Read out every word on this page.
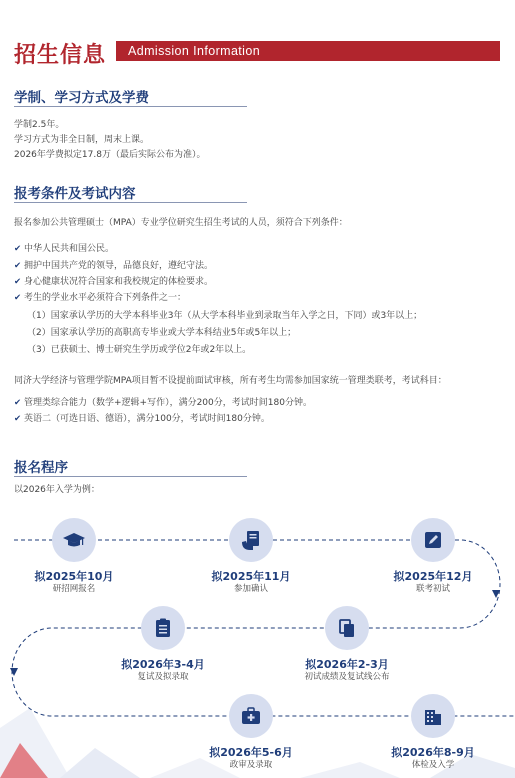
招生信息	Admission Information
学制、学习方式及学费
学制2.5年。
学习方式为非全日制，周末上课。
2026年学费拟定17.8万（最后实际公布为准）。
报考条件及考试内容
报名参加公共管理硕士（MPA）专业学位研究生招生考试的人员，须符合下列条件：
✔ 中华人民共和国公民。
✔ 拥护中国共产党的领导，品德良好，遵纪守法。
✔ 身心健康状况符合国家和我校规定的体检要求。
✔ 考生的学业水平必须符合下列条件之一：
（1）国家承认学历的大学本科毕业3年（从大学本科毕业到录取当年入学之日，下同）或3年以上；
（2）国家承认学历的高职高专毕业或大学本科结业5年或5年以上；
（3）已获硕士、博士研究生学历或学位2年或2年以上。
同济大学经济与管理学院MPA项目暂不设提前面试审核，所有考生均需参加国家统一管理类联考，考试科目：
✔ 管理类综合能力（数学+逻辑+写作），满分200分，考试时间180分钟。
✔ 英语二（可选日语、德语），满分100分，考试时间180分钟。
报名程序
以2026年入学为例：
拟2025年10月
研招网报名
拟2025年11月
参加确认
拟2025年12月
联考初试
拟2026年2-3月
初试成绩及复试线公布
拟2026年3-4月
复试及拟录取
拟2026年5-6月
政审及录取
拟2026年8-9月
体检及入学
